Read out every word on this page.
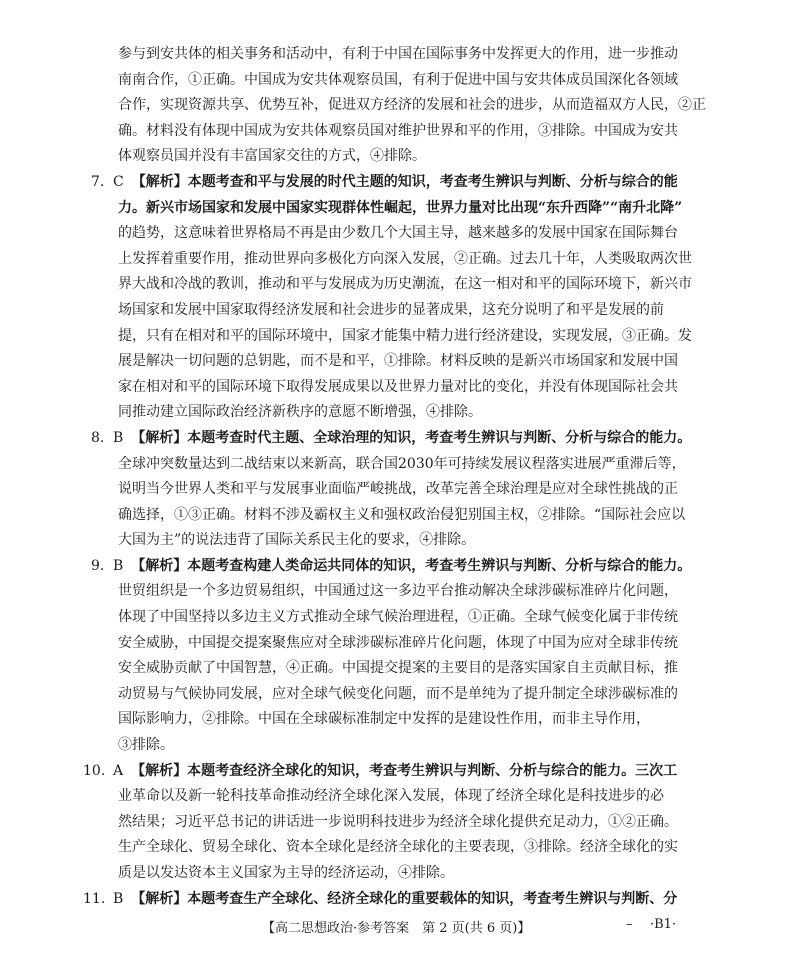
参与到安共体的相关事务和活动中，有利于中国在国际事务中发挥更大的作用，进一步推动
南南合作，①正确。中国成为安共体观察员国，有利于促进中国与安共体成员国深化各领域
合作，实现资源共享、优势互补，促进双方经济的发展和社会的进步，从而造福双方人民，②正
确。材料没有体现中国成为安共体观察员国对维护世界和平的作用，③排除。中国成为安共
体观察员国并没有丰富国家交往的方式，④排除。
7. C 【解析】本题考查和平与发展的时代主题的知识，考查考生辨识与判断、分析与综合的能
力。新兴市场国家和发展中国家实现群体性崛起，世界力量对比出现“东升西降”“南升北降”
的趋势，这意味着世界格局不再是由少数几个大国主导，越来越多的发展中国家在国际舞台
上发挥着重要作用，推动世界向多极化方向深入发展，②正确。过去几十年，人类吸取两次世
界大战和冷战的教训，推动和平与发展成为历史潮流，在这一相对和平的国际环境下，新兴市
场国家和发展中国家取得经济发展和社会进步的显著成果，这充分说明了和平是发展的前
提，只有在相对和平的国际环境中，国家才能集中精力进行经济建设，实现发展，③正确。发
展是解决一切问题的总钥匙，而不是和平，①排除。材料反映的是新兴市场国家和发展中国
家在相对和平的国际环境下取得发展成果以及世界力量对比的变化，并没有体现国际社会共
同推动建立国际政治经济新秩序的意愿不断增强，④排除。
8. B 【解析】本题考查时代主题、全球治理的知识，考查考生辨识与判断、分析与综合的能力。
全球冲突数量达到二战结束以来新高，联合国2030年可持续发展议程落实进展严重滞后等，
说明当今世界人类和平与发展事业面临严峻挑战，改革完善全球治理是应对全球性挑战的正
确选择，①③正确。材料不涉及霸权主义和强权政治侵犯别国主权，②排除。“国际社会应以
大国为主”的说法违背了国际关系民主化的要求，④排除。
9. B 【解析】本题考查构建人类命运共同体的知识，考查考生辨识与判断、分析与综合的能力。
世贸组织是一个多边贸易组织，中国通过这一多边平台推动解决全球涉碳标准碎片化问题，
体现了中国坚持以多边主义方式推动全球气候治理进程，①正确。全球气候变化属于非传统
安全威胁，中国提交提案聚焦应对全球涉碳标准碎片化问题，体现了中国为应对全球非传统
安全威胁贡献了中国智慧，④正确。中国提交提案的主要目的是落实国家自主贡献目标，推
动贸易与气候协同发展，应对全球气候变化问题，而不是单纯为了提升制定全球涉碳标准的
国际影响力，②排除。中国在全球碳标准制定中发挥的是建设性作用，而非主导作用，
③排除。
10. A 【解析】本题考查经济全球化的知识，考查考生辨识与判断、分析与综合的能力。三次工
业革命以及新一轮科技革命推动经济全球化深入发展，体现了经济全球化是科技进步的必
然结果；习近平总书记的讲话进一步说明科技进步为经济全球化提供充足动力，①②正确。
生产全球化、贸易全球化、资本全球化是经济全球化的主要表现，③排除。经济全球化的实
质是以发达资本主义国家为主导的经济运动，④排除。
11. B 【解析】本题考查生产全球化、经济全球化的重要载体的知识，考查考生辨识与判断、分
【高二思想政治·参考答案　第 2 页(共 6 页)】	– ·B1·
